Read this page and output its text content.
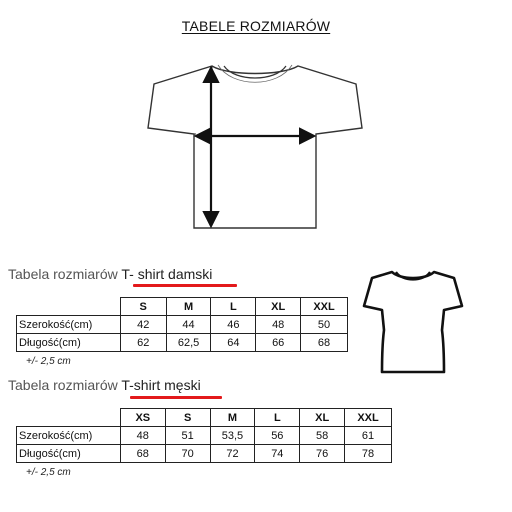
TABELE ROZMIARÓW
Tabela rozmiarów T- shirt damski
	S	M	L	XL	XXL
Szerokość(cm)	42	44	46	48	50
Długość(cm)	62	62,5	64	66	68
+/- 2,5 cm
Tabela rozmiarów T-shirt męski
	XS	S	M	L	XL	XXL
Szerokość(cm)	48	51	53,5	56	58	61
Długość(cm)	68	70	72	74	76	78
+/- 2,5 cm
